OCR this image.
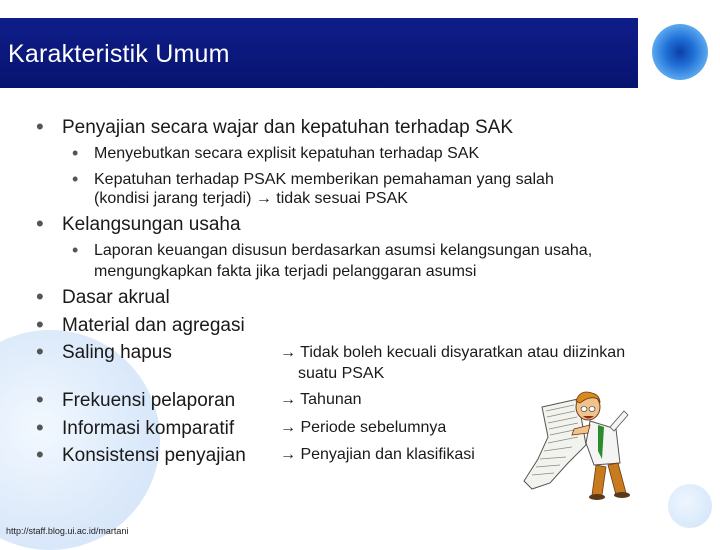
Karakteristik Umum
• Penyajian secara wajar dan kepatuhan terhadap SAK
• Menyebutkan secara explisit kepatuhan terhadap SAK
• Kepatuhan terhadap PSAK memberikan pemahaman yang salah
(kondisi jarang terjadi) → tidak sesuai PSAK
• Kelangsungan usaha
• Laporan keuangan disusun berdasarkan asumsi kelangsungan usaha,
mengungkapkan fakta jika terjadi pelanggaran asumsi
• Dasar akrual
• Material dan agregasi
• Saling hapus	→ Tidak boleh kecuali disyaratkan atau diizinkan
suatu PSAK
• Frekuensi pelaporan	→ Tahunan
• Informasi komparatif	→ Periode sebelumnya
• Konsistensi penyajian → Penyajian dan klasifikasi
http://staff.blog.ui.ac.id/martani
